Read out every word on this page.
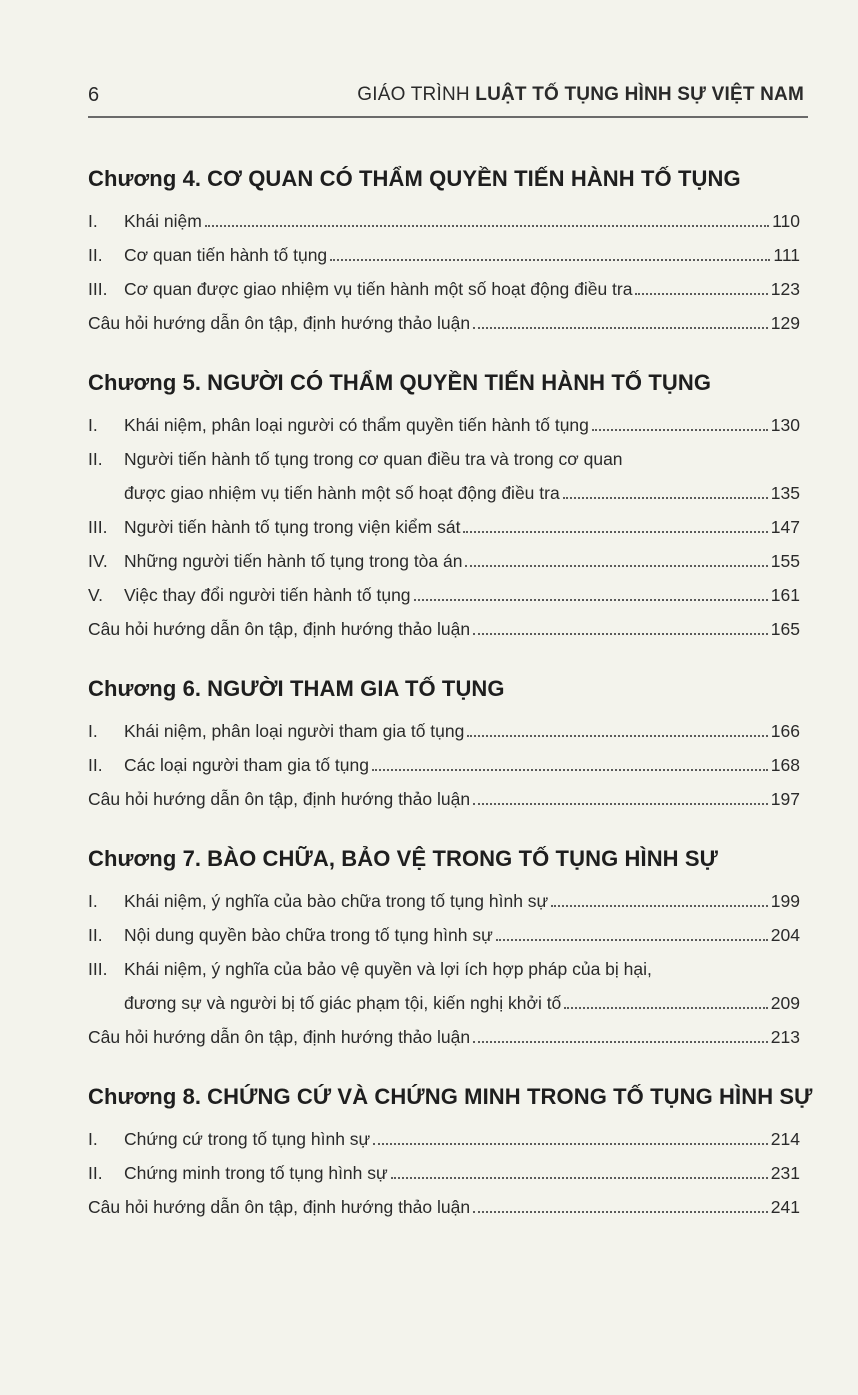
6	GIÁO TRÌNH LUẬT TỐ TỤNG HÌNH SỰ VIỆT NAM
Chương 4. CƠ QUAN CÓ THẨM QUYỀN TIẾN HÀNH TỐ TỤNG
I.	Khái niệm	110
II.	Cơ quan tiến hành tố tụng	111
III. Cơ quan được giao nhiệm vụ tiến hành một số hoạt động điều tra	123
Câu hỏi hướng dẫn ôn tập, định hướng thảo luận	129
Chương 5. NGƯỜI CÓ THẨM QUYỀN TIẾN HÀNH TỐ TỤNG
I.	Khái niệm, phân loại người có thẩm quyền tiến hành tố tụng	130
II.	Người tiến hành tố tụng trong cơ quan điều tra và trong cơ quan
được giao nhiệm vụ tiến hành một số hoạt động điều tra	135
III. Người tiến hành tố tụng trong viện kiểm sát	147
IV. Những người tiến hành tố tụng trong tòa án	155
V.	Việc thay đổi người tiến hành tố tụng	161
Câu hỏi hướng dẫn ôn tập, định hướng thảo luận	165
Chương 6. NGƯỜI THAM GIA TỐ TỤNG
I.	Khái niệm, phân loại người tham gia tố tụng	166
II.	Các loại người tham gia tố tụng	168
Câu hỏi hướng dẫn ôn tập, định hướng thảo luận	197
Chương 7. BÀO CHỮA, BẢO VỆ TRONG TỐ TỤNG HÌNH SỰ
I.	Khái niệm, ý nghĩa của bào chữa trong tố tụng hình sự	199
II.	Nội dung quyền bào chữa trong tố tụng hình sự	204
III. Khái niệm, ý nghĩa của bảo vệ quyền và lợi ích hợp pháp của bị hại,
đương sự và người bị tố giác phạm tội, kiến nghị khởi tố	209
Câu hỏi hướng dẫn ôn tập, định hướng thảo luận	213
Chương 8. CHỨNG CỨ VÀ CHỨNG MINH TRONG TỐ TỤNG HÌNH SỰ
I.	Chứng cứ trong tố tụng hình sự	214
II.	Chứng minh trong tố tụng hình sự	231
Câu hỏi hướng dẫn ôn tập, định hướng thảo luận	241
